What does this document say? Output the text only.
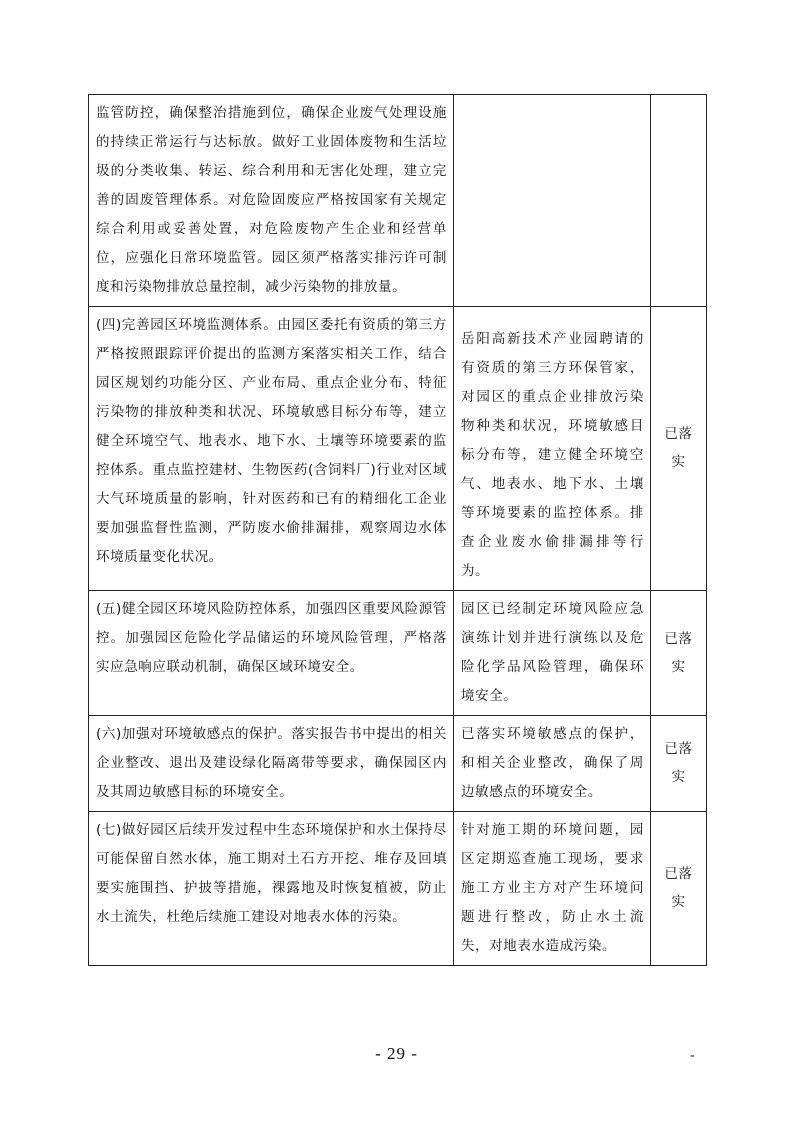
监管防控，确保整治措施到位，确保企业废气处理设施的持续正常运行与达标放。做好工业固体废物和生活垃圾的分类收集、转运、综合利用和无害化处理，建立完善的固废管理体系。对危险固废应严格按国家有关规定综合利用或妥善处置，对危险废物产生企业和经营单位，应强化日常环境监管。园区须严格落实排污许可制度和污染物排放总量控制，减少污染物的排放量。		
(四)完善园区环境监测体系。由园区委托有资质的第三方严格按照跟踪评价提出的监测方案落实相关工作，结合园区规划约功能分区、产业布局、重点企业分布、特征污染物的排放种类和状况、环境敏感目标分布等，建立健全环境空气、地表水、地下水、土壤等环境要素的监控体系。重点监控建材、生物医药(含饲料厂)行业对区域大气环境质量的影响，针对医药和已有的精细化工企业要加强监督性监测，严防废水偷排漏排，观察周边水体环境质量变化状况。	岳阳高新技术产业园聘请的有资质的第三方环保管家，对园区的重点企业排放污染物种类和状况，环境敏感目标分布等，建立健全环境空气、地表水、地下水、土壤等环境要素的监控体系。排查企业废水偷排漏排等行为。	已落实
(五)健全园区环境风险防控体系，加强四区重要风险源管控。加强园区危险化学品储运的环境风险管理，严格落实应急响应联动机制，确保区域环境安全。	园区已经制定环境风险应急演练计划并进行演练以及危险化学品风险管理，确保环境安全。	已落实
(六)加强对环境敏感点的保护。落实报告书中提出的相关企业整改、退出及建设绿化隔离带等要求，确保园区内及其周边敏感目标的环境安全。	已落实环境敏感点的保护，和相关企业整改，确保了周边敏感点的环境安全。	已落实
(七)做好园区后续开发过程中生态环境保护和水土保持尽可能保留自然水体，施工期对土石方开挖、堆存及回填要实施围挡、护披等措施，裸露地及时恢复植被，防止水土流失，杜绝后续施工建设对地表水体的污染。	针对施工期的环境问题，园区定期巡查施工现场，要求施工方业主方对产生环境问题进行整改，防止水土流失，对地表水造成污染。	已落实
- 29 -	-
